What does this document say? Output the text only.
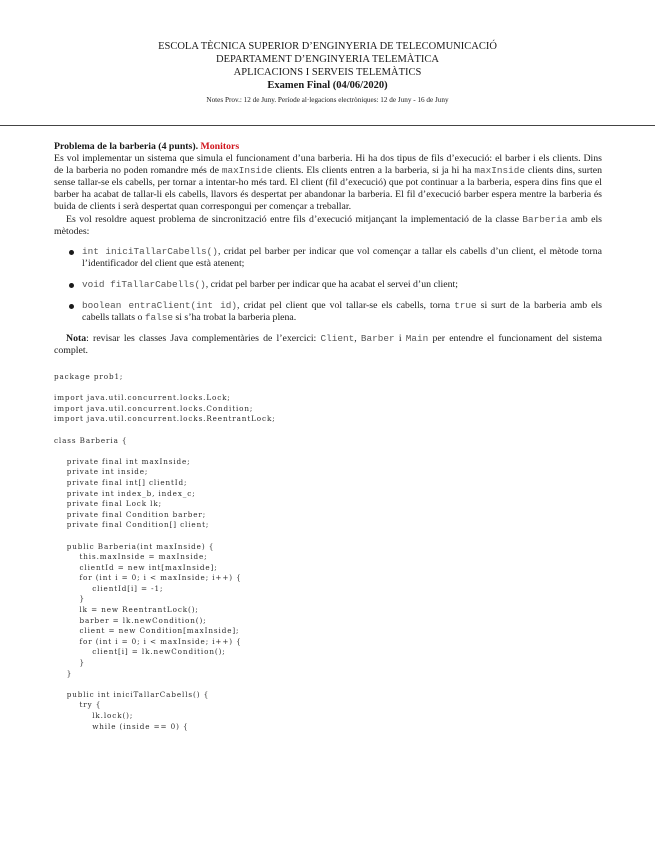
ESCOLA TÈCNICA SUPERIOR D’ENGINYERIA DE TELECOMUNICACIÓ
DEPARTAMENT D’ENGINYERIA TELEMÀTICA
APLICACIONS I SERVEIS TELEMÀTICS
Examen Final (04/06/2020)
Notes Prov.: 12 de Juny. Període al·legacions electròniques: 12 de Juny - 16 de Juny

Problema de la barberia (4 punts). Monitors
Es vol implementar un sistema que simula el funcionament d’una barberia. Hi ha dos tipus de fils d’execució: el barber i els clients. Dins de la barberia no poden romandre més de maxInside clients. Els clients entren a la barberia, si ja hi ha maxInside clients dins, surten sense tallar-se els cabells, per tornar a intentar-ho més tard. El client (fil d’execució) que pot continuar a la barberia, espera dins fins que el barber ha acabat de tallar-li els cabells, llavors és despertat per abandonar la barberia. El fil d’execució barber espera mentre la barberia és buida de clients i serà despertat quan correspongui per començar a treballar.

Es vol resoldre aquest problema de sincronització entre fils d’execució mitjançant la implementació de la classe Barberia amb els mètodes:

int iniciTallarCabells(), cridat pel barber per indicar que vol començar a tallar els cabells d’un client, el mètode torna l’identificador del client que està atenent;
void fiTallarCabells(), cridat pel barber per indicar que ha acabat el servei d’un client;
boolean entraClient(int id), cridat pel client que vol tallar-se els cabells, torna true si surt de la barberia amb els cabells tallats o false si s’ha trobat la barberia plena.

Nota: revisar les classes Java complementàries de l’exercici: Client, Barber i Main per entendre el funcionament del sistema complet.

package prob1;

import java.util.concurrent.locks.Lock;
import java.util.concurrent.locks.Condition;
import java.util.concurrent.locks.ReentrantLock;

class Barberia {

private final int maxInside;
private int inside;
private final int[] clientId;
private int index_b, index_c;
private final Lock lk;
private final Condition barber;
private final Condition[] client;

public Barberia(int maxInside) {
this.maxInside = maxInside;
clientId = new int[maxInside];
for (int i = 0; i < maxInside; i++) {
clientId[i] = -1;
}
lk = new ReentrantLock();
barber = lk.newCondition();
client = new Condition[maxInside];
for (int i = 0; i < maxInside; i++) {
client[i] = lk.newCondition();
}
}

public int iniciTallarCabells() {
try {
lk.lock();
while (inside == 0) {
